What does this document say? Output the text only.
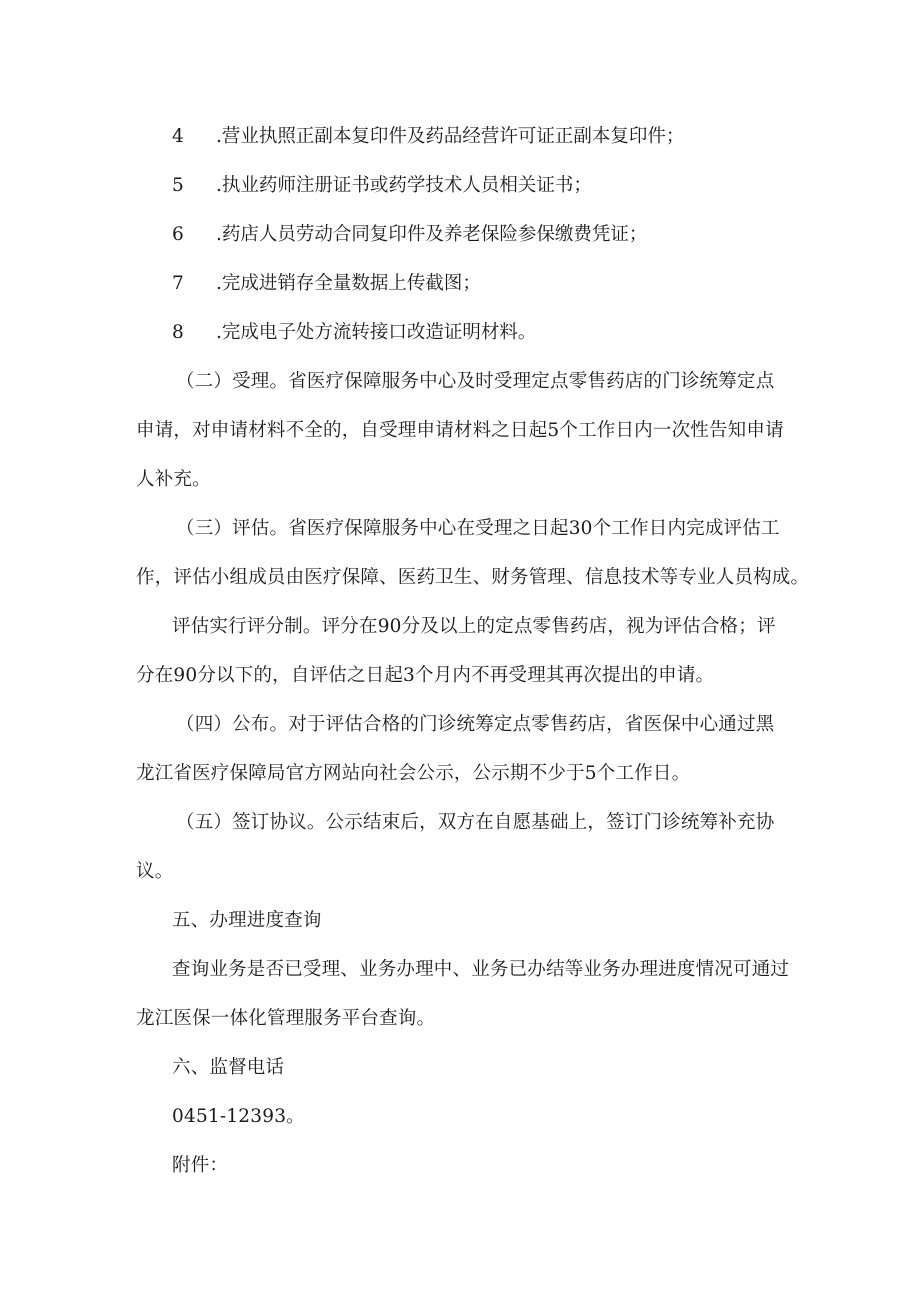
4 .营业执照正副本复印件及药品经营许可证正副本复印件；
5 .执业药师注册证书或药学技术人员相关证书；
6 .药店人员劳动合同复印件及养老保险参保缴费凭证；
7 .完成进销存全量数据上传截图；
8 .完成电子处方流转接口改造证明材料。
（二）受理。省医疗保障服务中心及时受理定点零售药店的门诊统筹定点
申请，对申请材料不全的，自受理申请材料之日起5个工作日内一次性告知申请
人补充。
（三）评估。省医疗保障服务中心在受理之日起30个工作日内完成评估工
作，评估小组成员由医疗保障、医药卫生、财务管理、信息技术等专业人员构成。
评估实行评分制。评分在90分及以上的定点零售药店，视为评估合格；评
分在90分以下的，自评估之日起3个月内不再受理其再次提出的申请。
（四）公布。对于评估合格的门诊统筹定点零售药店，省医保中心通过黑
龙江省医疗保障局官方网站向社会公示，公示期不少于5个工作日。
（五）签订协议。公示结束后，双方在自愿基础上，签订门诊统筹补充协
议。
五、办理进度查询
查询业务是否已受理、业务办理中、业务已办结等业务办理进度情况可通过
龙江医保一体化管理服务平台查询。
六、监督电话
0451-12393。
附件：
